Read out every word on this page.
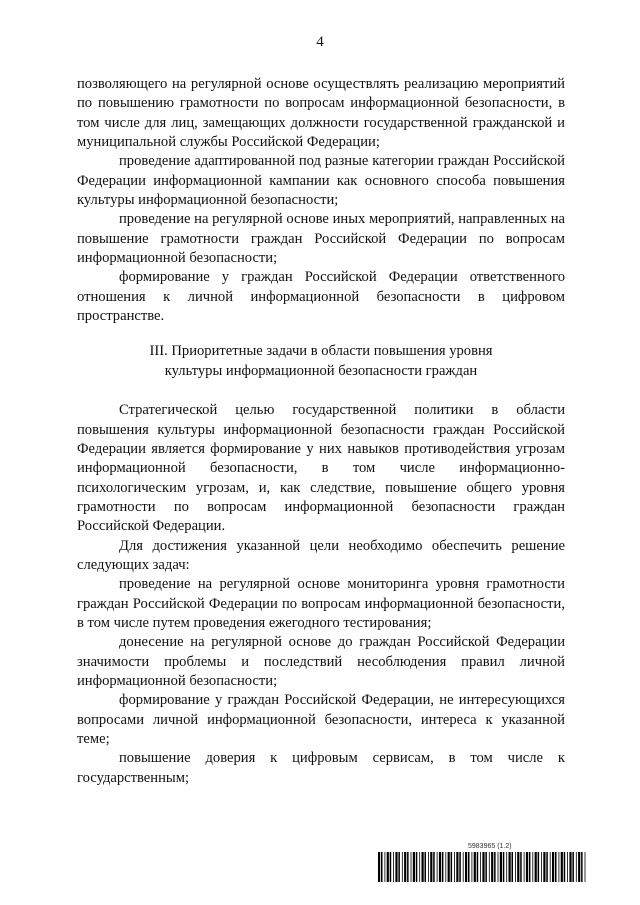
4

позволяющего на регулярной основе осуществлять реализацию мероприятий по повышению грамотности по вопросам информационной безопасности, в том числе для лиц, замещающих должности государственной гражданской и муниципальной службы Российской Федерации;

проведение адаптированной под разные категории граждан Российской Федерации информационной кампании как основного способа повышения культуры информационной безопасности;

проведение на регулярной основе иных мероприятий, направленных на повышение грамотности граждан Российской Федерации по вопросам информационной безопасности;

формирование у граждан Российской Федерации ответственного отношения к личной информационной безопасности в цифровом пространстве.

III. Приоритетные задачи в области повышения уровня
культуры информационной безопасности граждан

Стратегической целью государственной политики в области повышения культуры информационной безопасности граждан Российской Федерации является формирование у них навыков противодействия угрозам информационной безопасности, в том числе информационно-психологическим угрозам, и, как следствие, повышение общего уровня грамотности по вопросам информационной безопасности граждан Российской Федерации.

Для достижения указанной цели необходимо обеспечить решение следующих задач:

проведение на регулярной основе мониторинга уровня грамотности граждан Российской Федерации по вопросам информационной безопасности, в том числе путем проведения ежегодного тестирования;

донесение на регулярной основе до граждан Российской Федерации значимости проблемы и последствий несоблюдения правил личной информационной безопасности;

формирование у граждан Российской Федерации, не интересующихся вопросами личной информационной безопасности, интереса к указанной теме;

повышение доверия к цифровым сервисам, в том числе к государственным;

5983965 (1.2)
